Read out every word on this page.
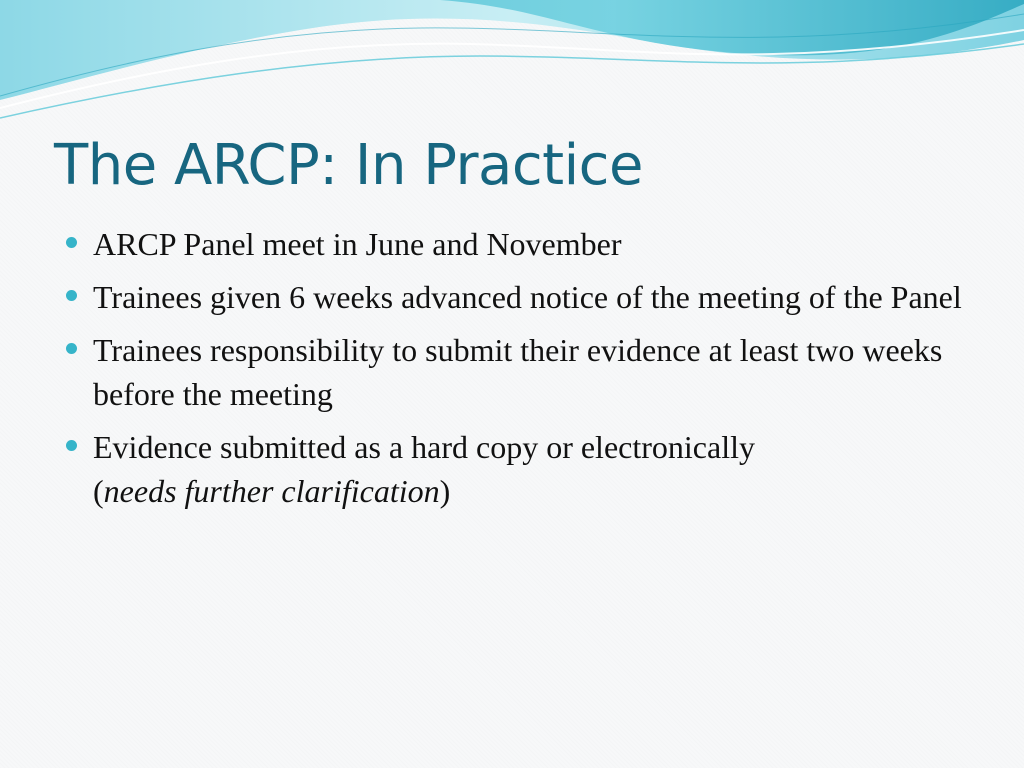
The ARCP: In Practice
ARCP Panel meet in June and November
Trainees given 6 weeks advanced notice of the meeting of the Panel
Trainees responsibility to submit their evidence at least two weeks before the meeting
Evidence submitted as a hard copy or electronically
(needs further clarification)
